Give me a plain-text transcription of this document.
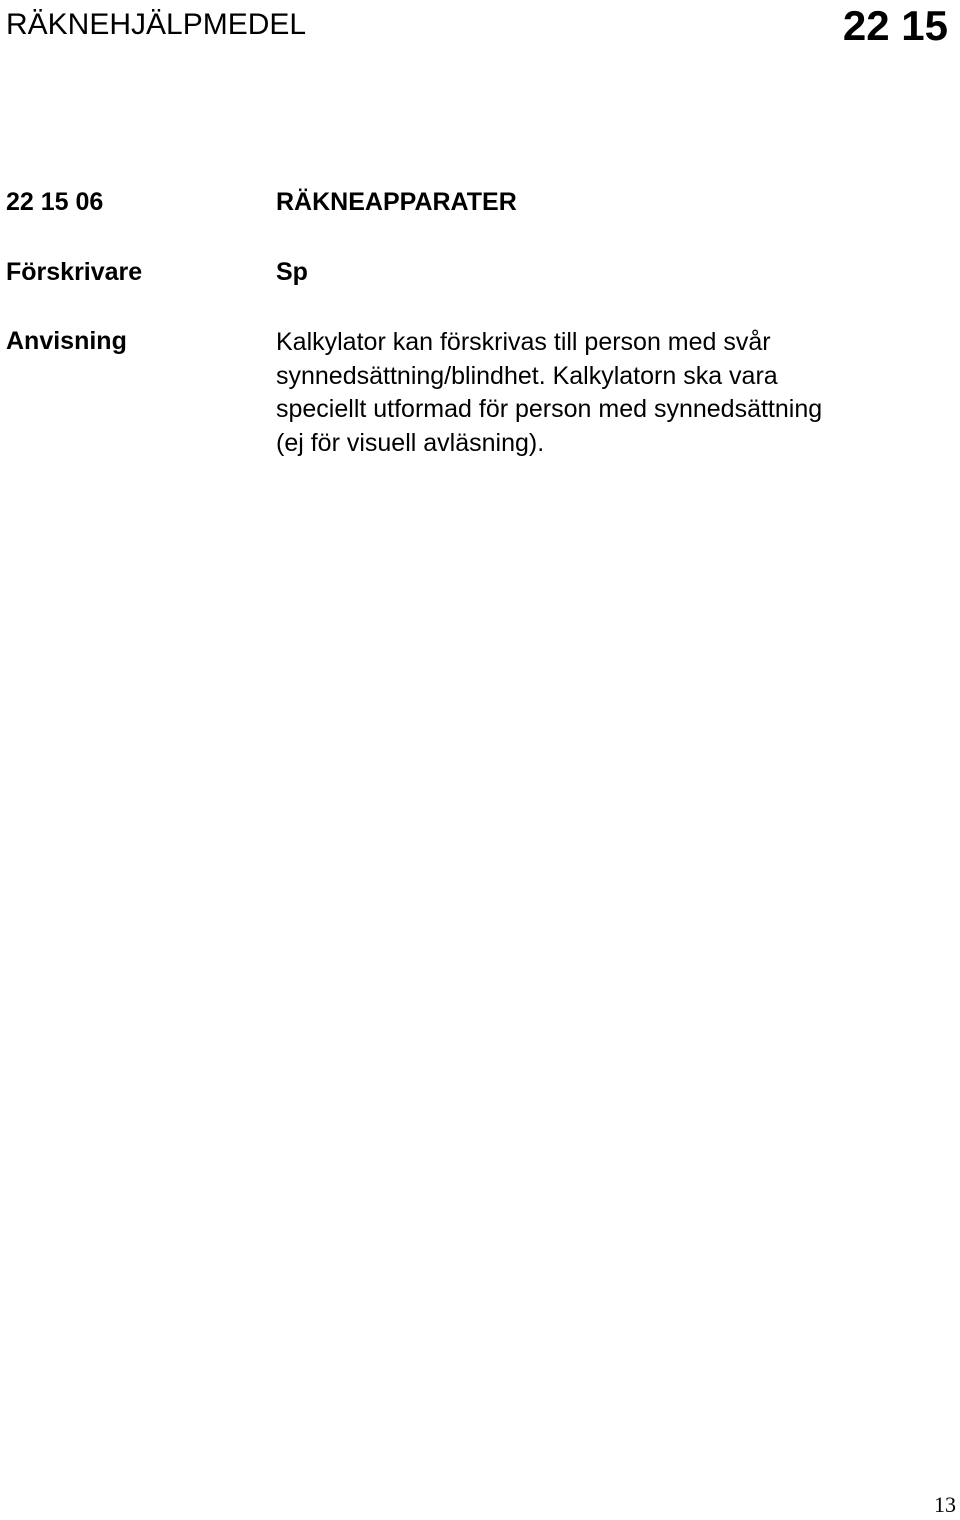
RÄKNEHJÄLPMEDEL	22 15
22 15 06	RÄKNEAPPARATER
Förskrivare	Sp
Anvisning	Kalkylator kan förskrivas till person med svår
synnedsättning/blindhet. Kalkylatorn ska vara
speciellt utformad för person med synnedsättning
(ej för visuell avläsning).
13
